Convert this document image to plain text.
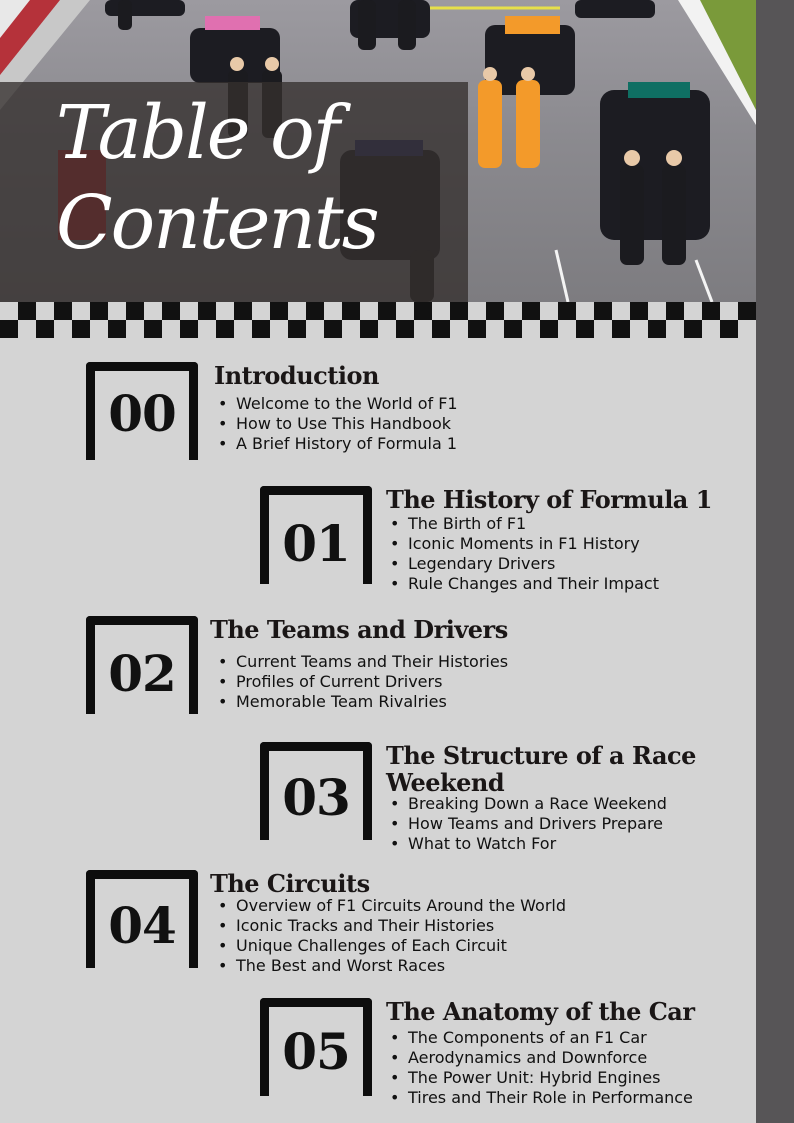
Table of
Contents

00

Introduction
• Welcome to the World of F1
• How to Use This Handbook
• A Brief History of Formula 1

01

The History of Formula 1
• The Birth of F1
• Iconic Moments in F1 History
• Legendary Drivers
• Rule Changes and Their Impact

02

The Teams and Drivers
• Current Teams and Their Histories
• Profiles of Current Drivers
• Memorable Team Rivalries

03

The Structure of a Race
Weekend
• Breaking Down a Race Weekend
• How Teams and Drivers Prepare
• What to Watch For

04

The Circuits
• Overview of F1 Circuits Around the World
• Iconic Tracks and Their Histories
• Unique Challenges of Each Circuit
• The Best and Worst Races

05

The Anatomy of the Car
• The Components of an F1 Car
• Aerodynamics and Downforce
• The Power Unit: Hybrid Engines
• Tires and Their Role in Performance
